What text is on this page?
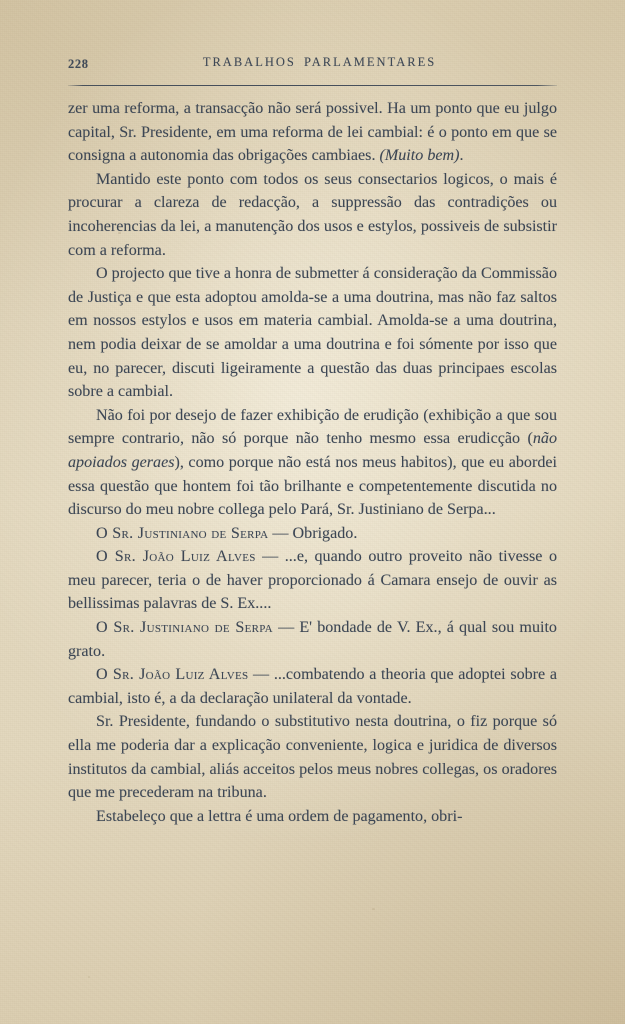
228	TRABALHOS PARLAMENTARES

zer uma reforma, a transacção não será possivel. Ha um ponto que eu julgo capital, Sr. Presidente, em uma reforma de lei cambial: é o ponto em que se consigna a autonomia das obrigações cambiaes. (Muito bem).

Mantido este ponto com todos os seus consectarios logicos, o mais é procurar a clareza de redacção, a suppressão das contradições ou incoherencias da lei, a manutenção dos usos e estylos, possiveis de subsistir com a reforma.

O projecto que tive a honra de submetter á consideração da Commissão de Justiça e que esta adoptou amolda-se a uma doutrina, mas não faz saltos em nossos estylos e usos em materia cambial. Amolda-se a uma doutrina, nem podia deixar de se amoldar a uma doutrina e foi sómente por isso que eu, no parecer, discuti ligeiramente a questão das duas principaes escolas sobre a cambial.

Não foi por desejo de fazer exhibição de erudição (exhibição a que sou sempre contrario, não só porque não tenho mesmo essa erudicção (não apoiados geraes), como porque não está nos meus habitos), que eu abordei essa questão que hontem foi tão brilhante e competentemente discutida no discurso do meu nobre collega pelo Pará, Sr. Justiniano de Serpa...

O Sr. Justiniano de Serpa — Obrigado.

O Sr. João Luiz Alves — ...e, quando outro proveito não tivesse o meu parecer, teria o de haver proporcionado á Camara ensejo de ouvir as bellissimas palavras de S. Ex....

O Sr. Justiniano de Serpa — E' bondade de V. Ex., á qual sou muito grato.

O Sr. João Luiz Alves — ...combatendo a theoria que adoptei sobre a cambial, isto é, a da declaração unilateral da vontade.

Sr. Presidente, fundando o substitutivo nesta doutrina, o fiz porque só ella me poderia dar a explicação conveniente, logica e juridica de diversos institutos da cambial, aliás acceitos pelos meus nobres collegas, os oradores que me precederam na tribuna.

Estabeleço que a lettra é uma ordem de pagamento, obri-
